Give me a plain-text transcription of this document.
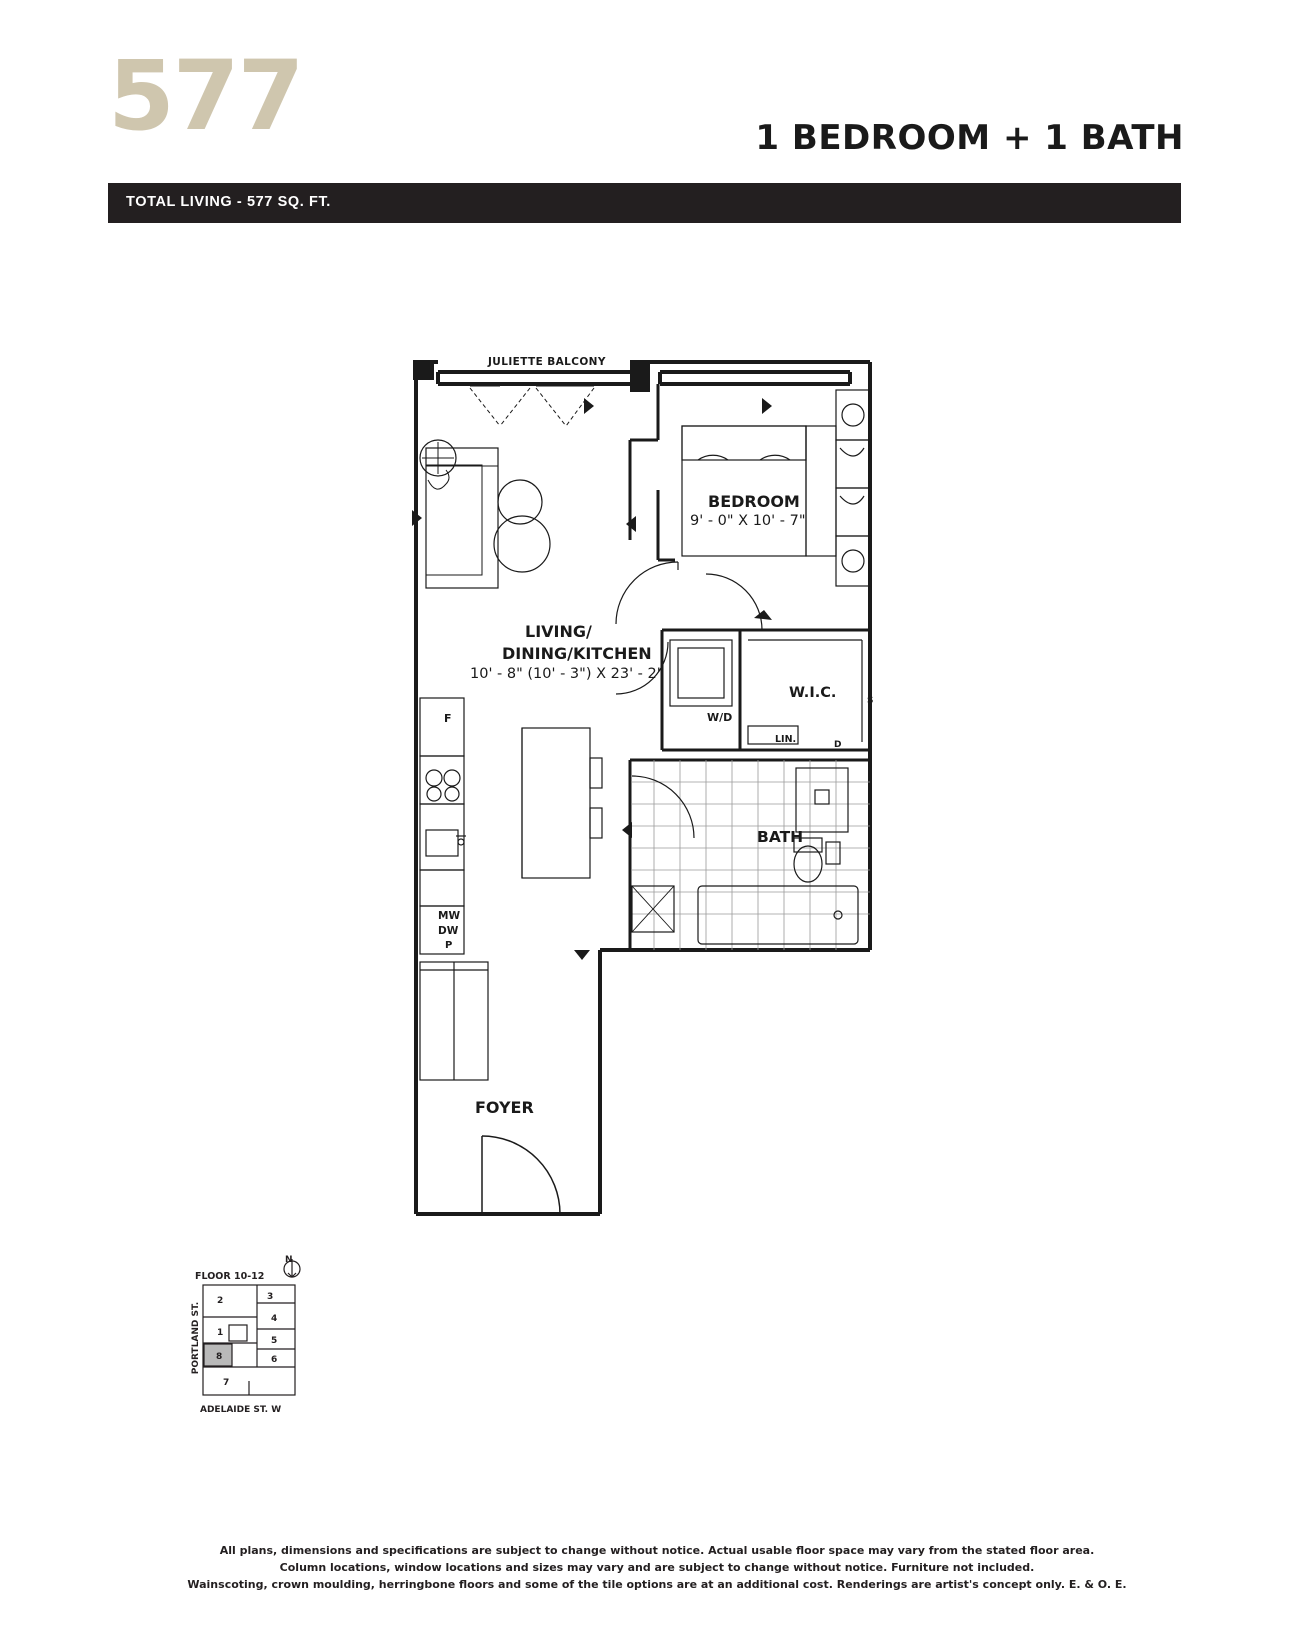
577	1 BEDROOM + 1 BATH
TOTAL LIVING - 577 SQ. FT.
JULIETTE BALCONY
BEDROOM
9' - 0" X 10' - 7"
LIVING/
DINING/KITCHEN
10' - 8" (10' - 3") X 23' - 2"
W.I.C.
W/D
LIN.
S
D
BATH
F
MW
DW
P
FOYER
2	3
1
4
5
8	6
7
FLOOR 10-12
PORTLAND ST.
ADELAIDE ST. W
N
All plans, dimensions and specifications are subject to change without notice. Actual usable floor space may vary from the stated floor area.
Column locations, window locations and sizes may vary and are subject to change without notice. Furniture not included.
Wainscoting, crown moulding, herringbone floors and some of the tile options are at an additional cost. Renderings are artist's concept only. E. & O. E.
